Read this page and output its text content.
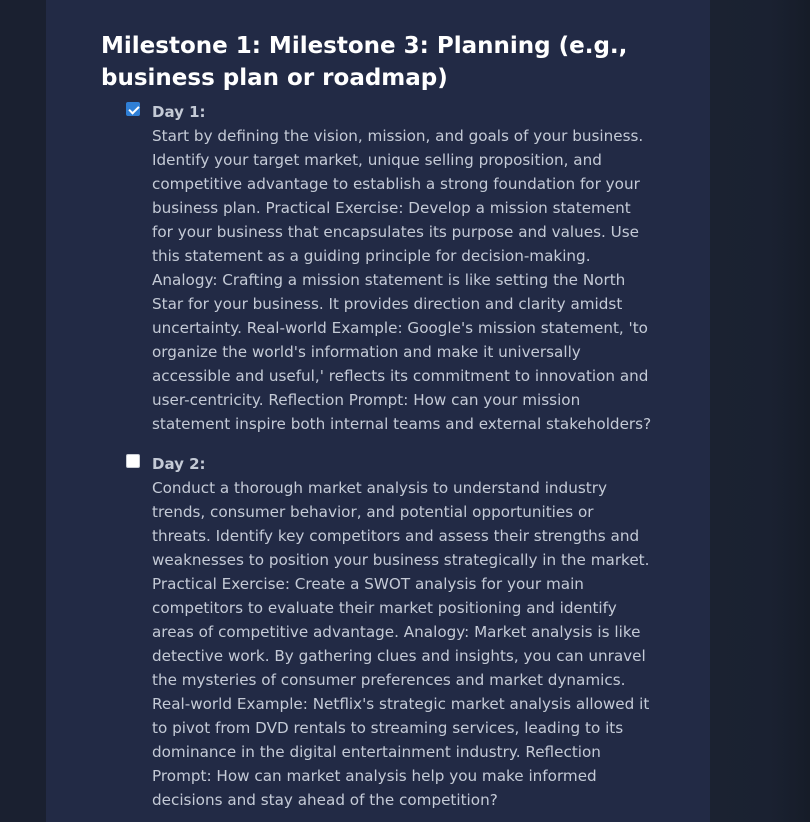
Milestone 1: Milestone 3: Planning (e.g., business plan or roadmap)
Day 1:
Start by defining the vision, mission, and goals of your business. Identify your target market, unique selling proposition, and competitive advantage to establish a strong foundation for your business plan. Practical Exercise: Develop a mission statement for your business that encapsulates its purpose and values. Use this statement as a guiding principle for decision-making. Analogy: Crafting a mission statement is like setting the North Star for your business. It provides direction and clarity amidst uncertainty. Real-world Example: Google's mission statement, 'to organize the world's information and make it universally accessible and useful,' reflects its commitment to innovation and user-centricity. Reflection Prompt: How can your mission statement inspire both internal teams and external stakeholders?
Day 2:
Conduct a thorough market analysis to understand industry trends, consumer behavior, and potential opportunities or threats. Identify key competitors and assess their strengths and weaknesses to position your business strategically in the market. Practical Exercise: Create a SWOT analysis for your main competitors to evaluate their market positioning and identify areas of competitive advantage. Analogy: Market analysis is like detective work. By gathering clues and insights, you can unravel the mysteries of consumer preferences and market dynamics. Real-world Example: Netflix's strategic market analysis allowed it to pivot from DVD rentals to streaming services, leading to its dominance in the digital entertainment industry. Reflection Prompt: How can market analysis help you make informed decisions and stay ahead of the competition?
